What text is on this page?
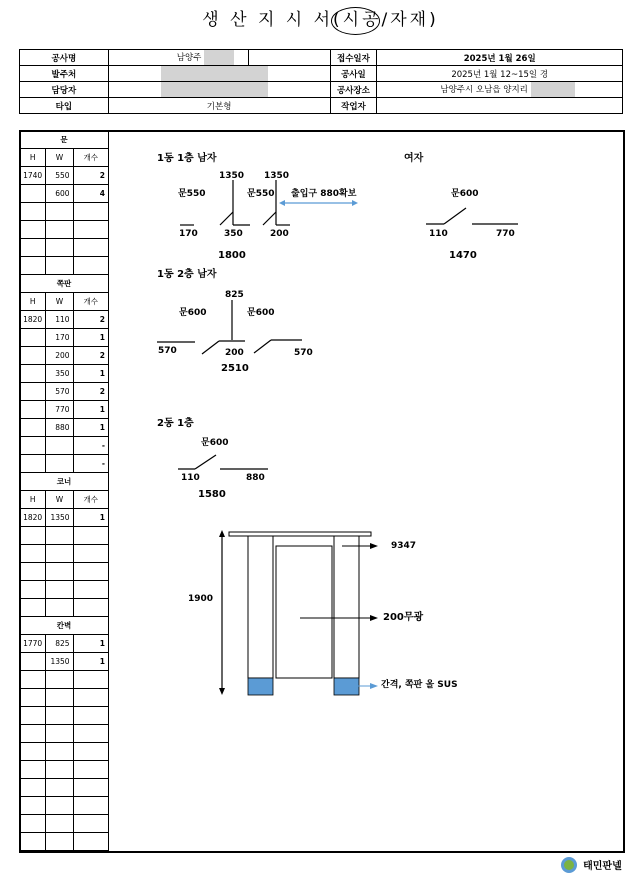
생 산 지 시 서(시공/자재)
공사명	남양주		접수일자	2025년 1월 26일
발주처			공사일	2025년 1월 12~15일 경
담당자			공사장소	남양주시 오남읍 양지리
타입	기본형		작업자	
문		
H	W	개수
1740	550	2
	600	4

쪽판		
H	W	개수
1820	110	2
	170	1
	200	2
	350	1
	570	2
	770	1
	880	1
		-
		-
코너		
H	W	개수
1820	1350	1

칸벽		
1770	825	1
	1350	1

1동 1층 남자
1350 1350
문550	문550 출입구 880확보
170	350	200
1800
여자
문600
110	770
1470
1동 2층 남자
825
문600	문600
570	200	570
2510
2동 1층
문600
110	880
1580
1900
9347
200무광
간격, 쪽판 올 SUS
태민판넬
